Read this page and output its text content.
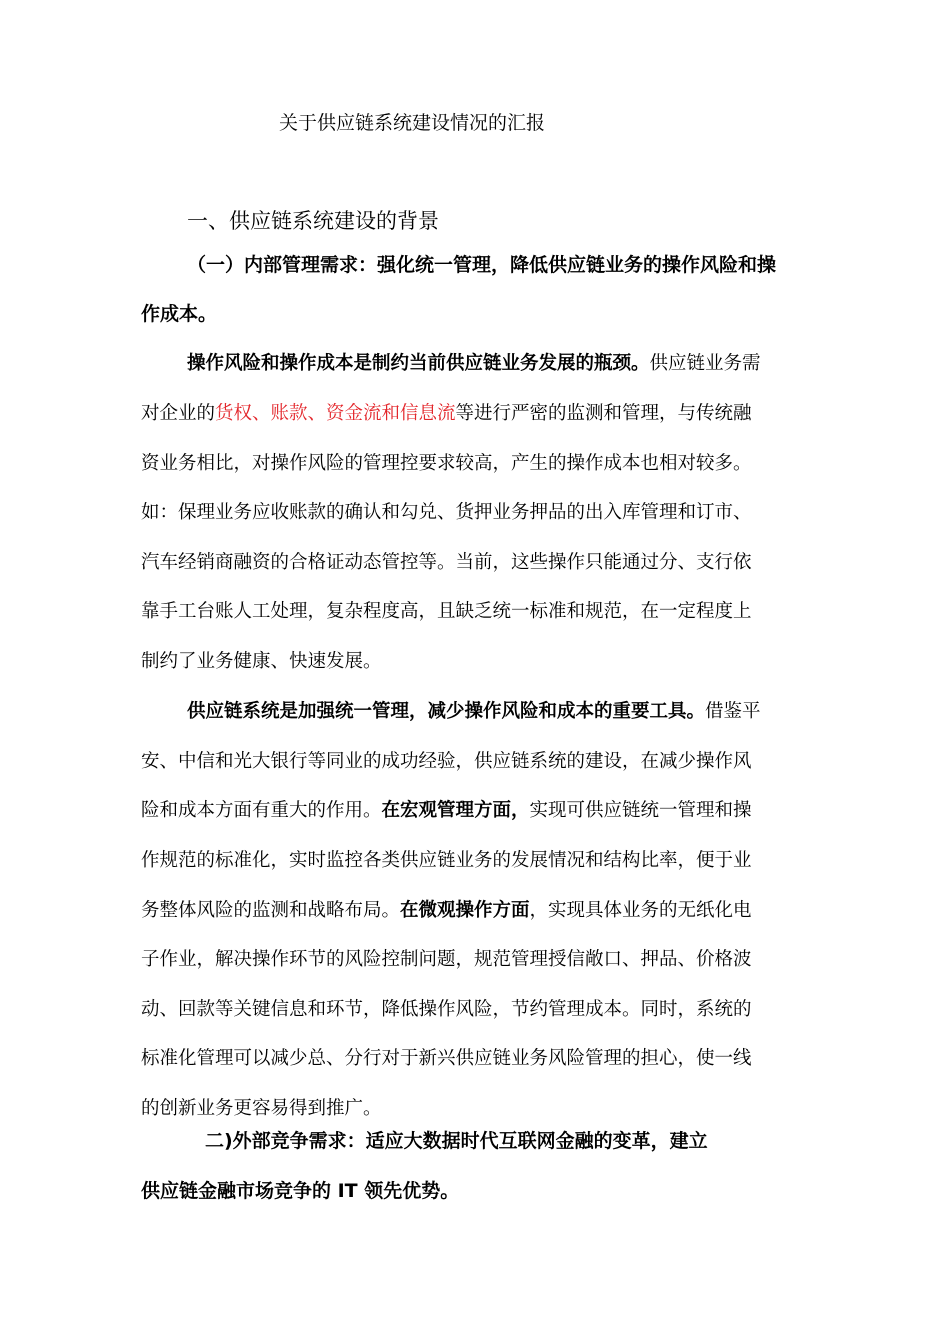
关于供应链系统建设情况的汇报
一、供应链系统建设的背景
（一）内部管理需求：强化统一管理，降低供应链业务的操作风险和操
作成本。
操作风险和操作成本是制约当前供应链业务发展的瓶颈。供应链业务需
对企业的货权、账款、资金流和信息流等进行严密的监测和管理，与传统融
资业务相比，对操作风险的管理控要求较高，产生的操作成本也相对较多。
如：保理业务应收账款的确认和勾兑、货押业务押品的出入库管理和订市、
汽车经销商融资的合格证动态管控等。当前，这些操作只能通过分、支行依
靠手工台账人工处理，复杂程度高，且缺乏统一标准和规范，在一定程度上
制约了业务健康、快速发展。
供应链系统是加强统一管理，减少操作风险和成本的重要工具。借鉴平
安、中信和光大银行等同业的成功经验，供应链系统的建设，在减少操作风
险和成本方面有重大的作用。在宏观管理方面，实现可供应链统一管理和操
作规范的标准化，实时监控各类供应链业务的发展情况和结构比率，便于业
务整体风险的监测和战略布局。在微观操作方面，实现具体业务的无纸化电
子作业，解决操作环节的风险控制问题，规范管理授信敞口、押品、价格波
动、回款等关键信息和环节，降低操作风险，节约管理成本。同时，系统的
标准化管理可以减少总、分行对于新兴供应链业务风险管理的担心，使一线
的创新业务更容易得到推广。
二)外部竞争需求：适应大数据时代互联网金融的变革，建立
供应链金融市场竞争的 IT 领先优势。
